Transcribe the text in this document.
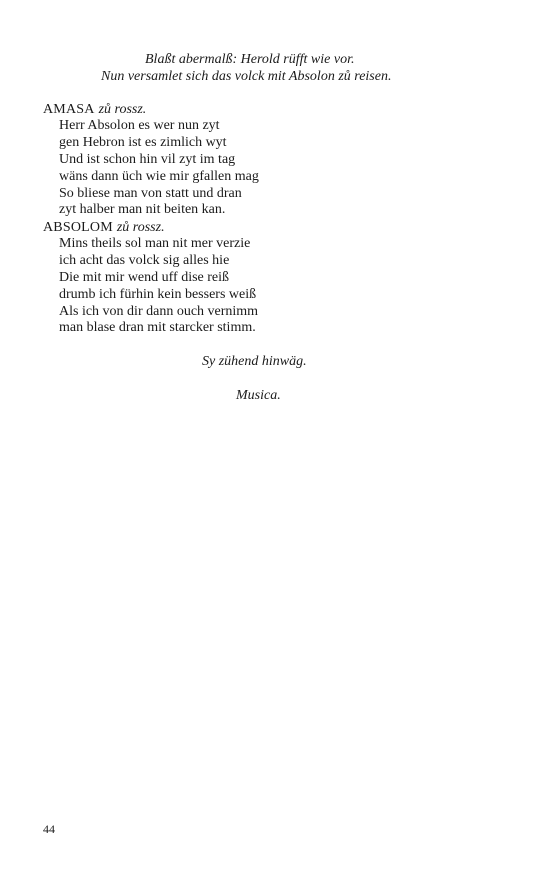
Blaßt abermalß: Herold rüfft wie vor.
Nun versamlet sich das volck mit Absolon zů reisen.
AMASA zů rossz.
Herr Absolon es wer nun zyt
gen Hebron ist es zimlich wyt
Und ist schon hin vil zyt im tag
wäns dann üch wie mir gfallen mag
So bliese man von statt und dran
zyt halber man nit beiten kan.
ABSOLOM zů rossz.
Mins theils sol man nit mer verzie
ich acht das volck sig alles hie
Die mit mir wend uff dise reiß
drumb ich fürhin kein bessers weiß
Als ich von dir dann ouch vernimm
man blase dran mit starcker stimm.
Sy zühend hinwäg.
Musica.
44
